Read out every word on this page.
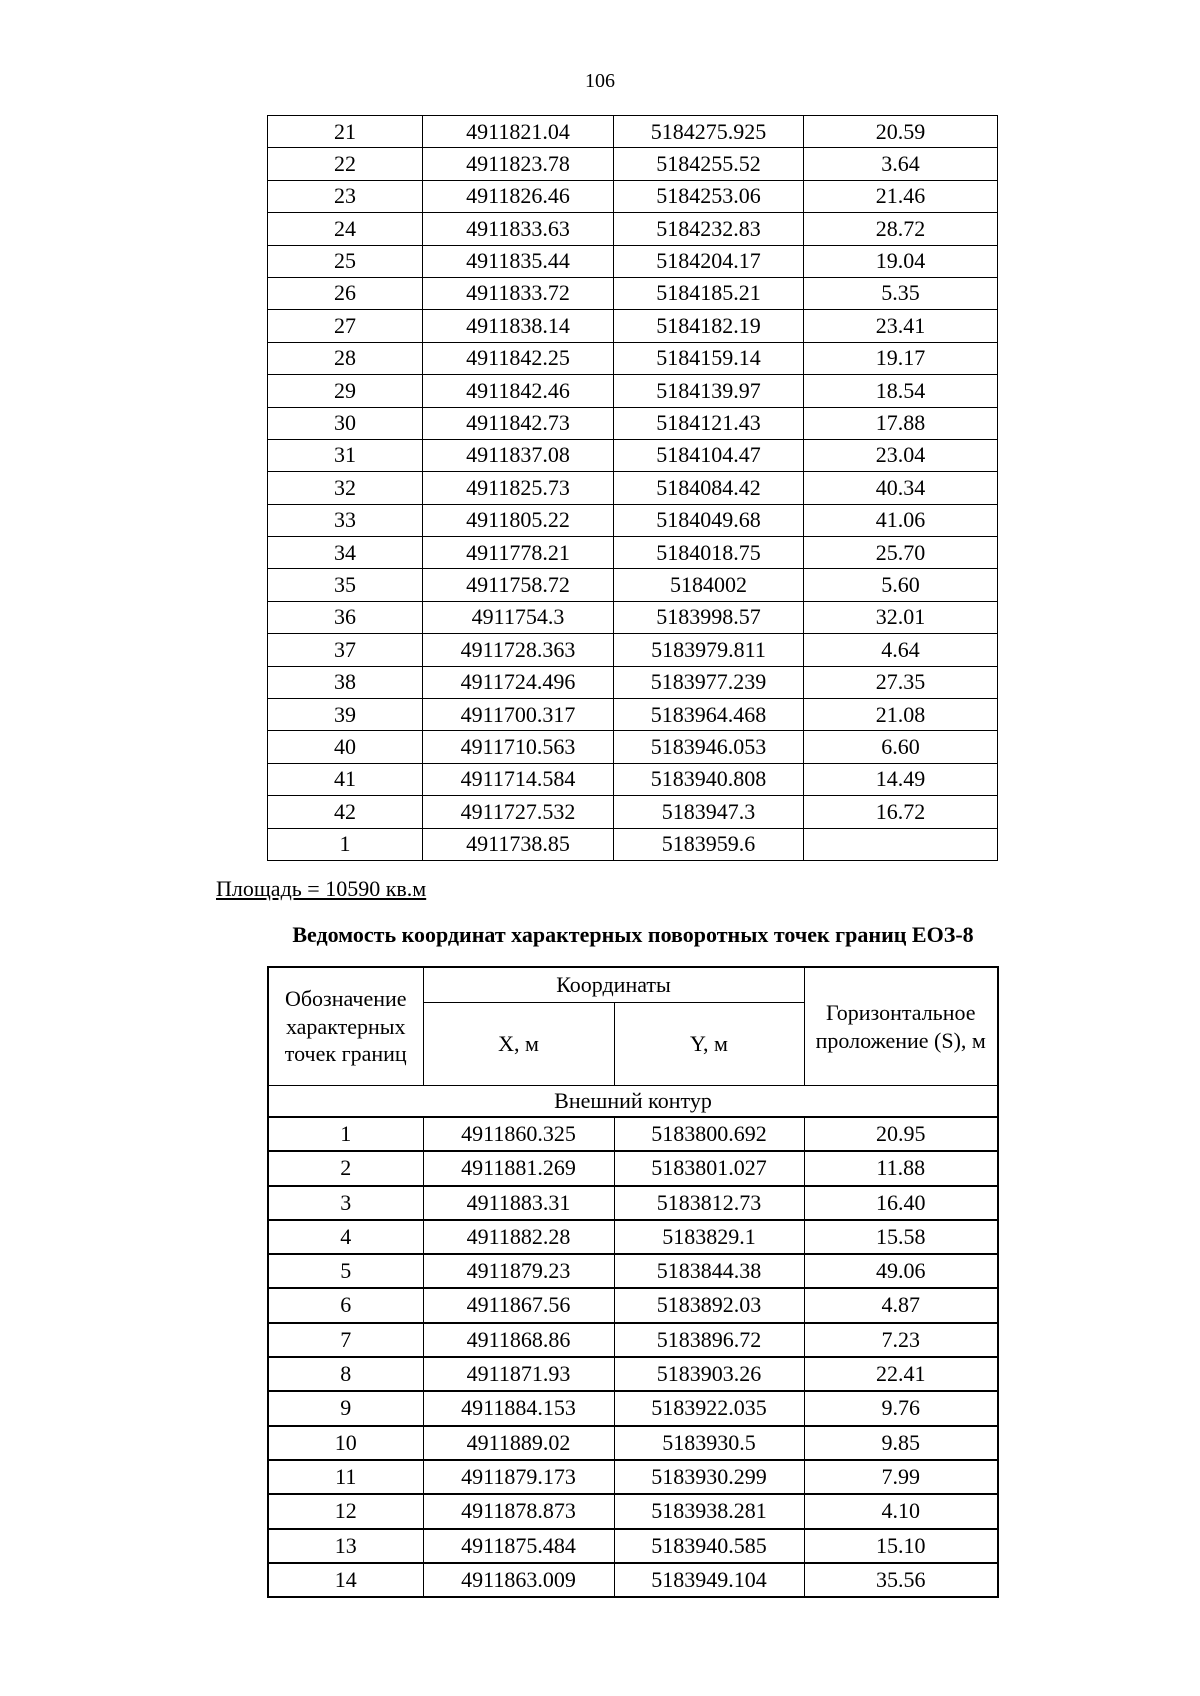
106
21	4911821.04	5184275.925	20.59
22	4911823.78	5184255.52	3.64
23	4911826.46	5184253.06	21.46
24	4911833.63	5184232.83	28.72
25	4911835.44	5184204.17	19.04
26	4911833.72	5184185.21	5.35
27	4911838.14	5184182.19	23.41
28	4911842.25	5184159.14	19.17
29	4911842.46	5184139.97	18.54
30	4911842.73	5184121.43	17.88
31	4911837.08	5184104.47	23.04
32	4911825.73	5184084.42	40.34
33	4911805.22	5184049.68	41.06
34	4911778.21	5184018.75	25.70
35	4911758.72	5184002	5.60
36	4911754.3	5183998.57	32.01
37	4911728.363	5183979.811	4.64
38	4911724.496	5183977.239	27.35
39	4911700.317	5183964.468	21.08
40	4911710.563	5183946.053	6.60
41	4911714.584	5183940.808	14.49
42	4911727.532	5183947.3	16.72
1	4911738.85	5183959.6	
Площадь = 10590 кв.м
Ведомость координат характерных поворотных точек границ ЕОЗ-8
Обозначение характерных точек границ	Координаты		Горизонтальное проложение (S), м
	X, м	Y, м	
Внешний контур			
1	4911860.325	5183800.692	20.95
2	4911881.269	5183801.027	11.88
3	4911883.31	5183812.73	16.40
4	4911882.28	5183829.1	15.58
5	4911879.23	5183844.38	49.06
6	4911867.56	5183892.03	4.87
7	4911868.86	5183896.72	7.23
8	4911871.93	5183903.26	22.41
9	4911884.153	5183922.035	9.76
10	4911889.02	5183930.5	9.85
11	4911879.173	5183930.299	7.99
12	4911878.873	5183938.281	4.10
13	4911875.484	5183940.585	15.10
14	4911863.009	5183949.104	35.56
